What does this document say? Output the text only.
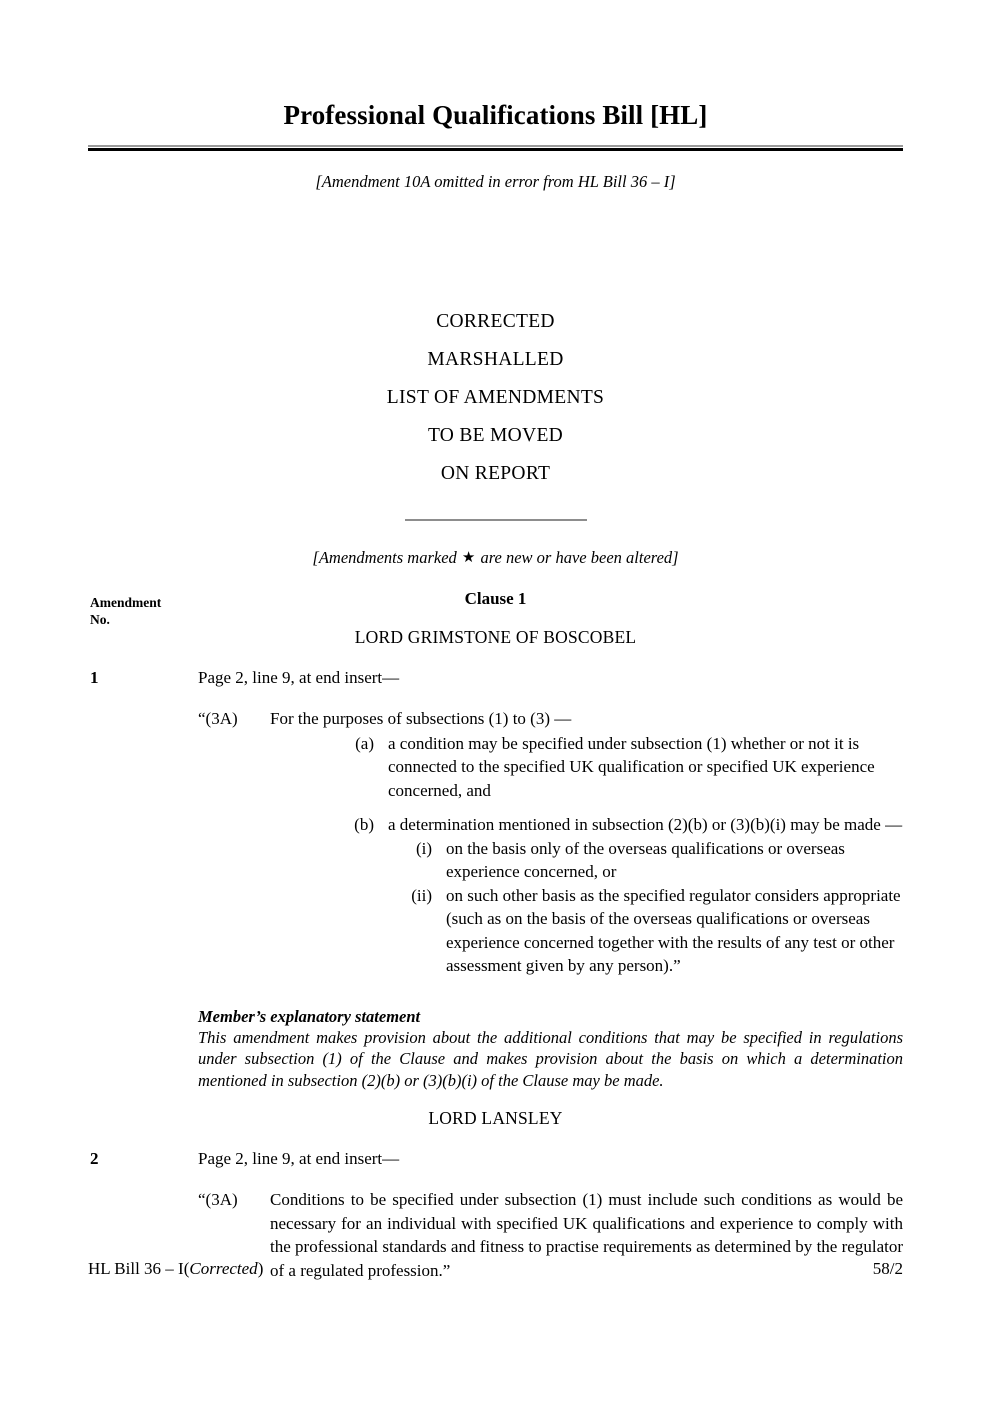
Professional Qualifications Bill [HL]
[Amendment 10A omitted in error from HL Bill 36 – I]
CORRECTED
MARSHALLED
LIST OF AMENDMENTS
TO BE MOVED
ON REPORT
[Amendments marked ★ are new or have been altered]
Amendment
No.
Clause 1
LORD GRIMSTONE OF BOSCOBEL
1	Page 2, line 9, at end insert—
“(3A)	For the purposes of subsections (1) to (3) —
(a) a condition may be specified under subsection (1) whether or not it is connected to the specified UK qualification or specified UK experience concerned, and
(b) a determination mentioned in subsection (2)(b) or (3)(b)(i) may be made —
(i) on the basis only of the overseas qualifications or overseas experience concerned, or
(ii) on such other basis as the specified regulator considers appropriate (such as on the basis of the overseas qualifications or overseas experience concerned together with the results of any test or other assessment given by any person).”
Member’s explanatory statement
This amendment makes provision about the additional conditions that may be specified in regulations under subsection (1) of the Clause and makes provision about the basis on which a determination mentioned in subsection (2)(b) or (3)(b)(i) of the Clause may be made.
LORD LANSLEY
2	Page 2, line 9, at end insert—
“(3A)	Conditions to be specified under subsection (1) must include such conditions as would be necessary for an individual with specified UK qualifications and experience to comply with the professional standards and fitness to practise requirements as determined by the regulator of a regulated profession.”
HL Bill 36 – I(Corrected)	58/2
